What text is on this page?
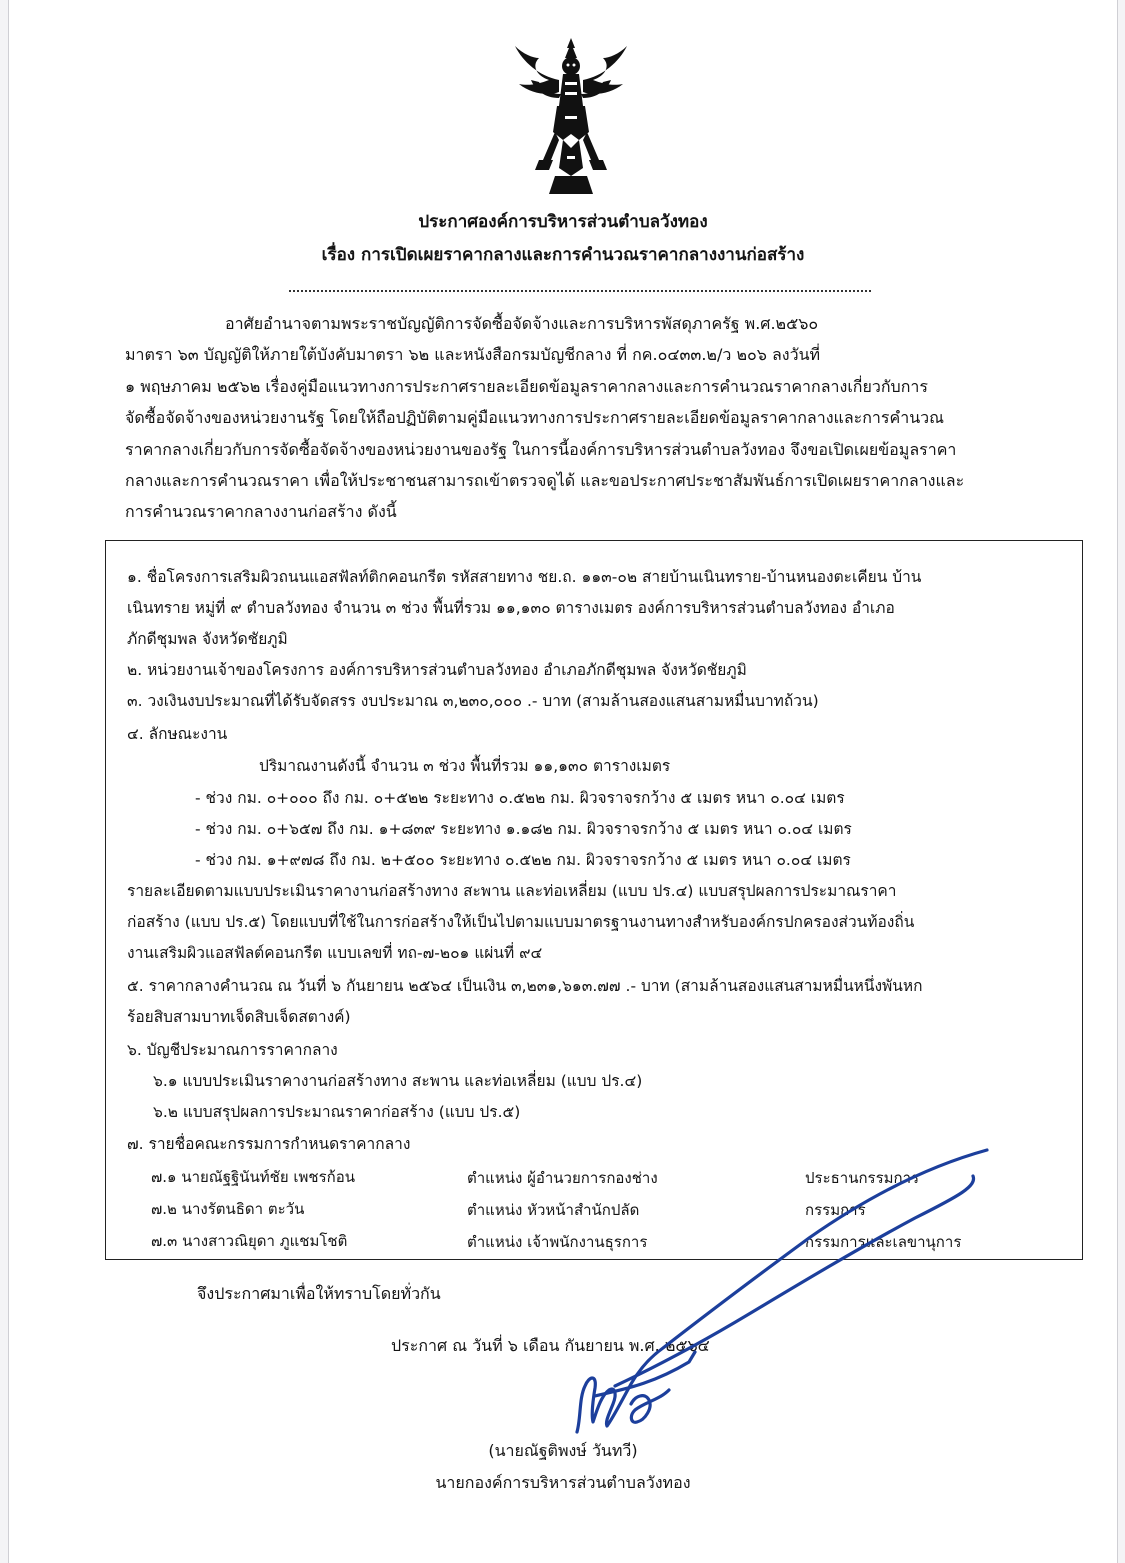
ประกาศองค์การบริหารส่วนตำบลวังทอง
เรื่อง การเปิดเผยราคากลางและการคำนวณราคากลางงานก่อสร้าง
อาศัยอำนาจตามพระราชบัญญัติการจัดซื้อจัดจ้างและการบริหารพัสดุภาครัฐ พ.ศ.๒๕๖๐
มาตรา ๖๓ บัญญัติให้ภายใต้บังคับมาตรา ๖๒ และหนังสือกรมบัญชีกลาง ที่ กค.๐๔๓๓.๒/ว ๒๐๖ ลงวันที่
๑ พฤษภาคม ๒๕๖๒ เรื่องคู่มือแนวทางการประกาศรายละเอียดข้อมูลราคากลางและการคำนวณราคากลางเกี่ยวกับการ
จัดซื้อจัดจ้างของหน่วยงานรัฐ โดยให้ถือปฏิบัติตามคู่มือแนวทางการประกาศรายละเอียดข้อมูลราคากลางและการคำนวณ
ราคากลางเกี่ยวกับการจัดซื้อจัดจ้างของหน่วยงานของรัฐ ในการนี้องค์การบริหารส่วนตำบลวังทอง จึงขอเปิดเผยข้อมูลราคา
กลางและการคำนวณราคา เพื่อให้ประชาชนสามารถเข้าตรวจดูได้ และขอประกาศประชาสัมพันธ์การเปิดเผยราคากลางและ
การคำนวณราคากลางงานก่อสร้าง ดังนี้
๑. ชื่อโครงการเสริมผิวถนนแอสฟัลท์ติกคอนกรีต รหัสสายทาง ชย.ถ. ๑๑๓-๐๒ สายบ้านเนินทราย-บ้านหนองตะเคียน บ้าน
เนินทราย หมู่ที่ ๙ ตำบลวังทอง จำนวน ๓ ช่วง พื้นที่รวม ๑๑,๑๓๐ ตารางเมตร องค์การบริหารส่วนตำบลวังทอง อำเภอ
ภักดีชุมพล จังหวัดชัยภูมิ
๒. หน่วยงานเจ้าของโครงการ องค์การบริหารส่วนตำบลวังทอง อำเภอภักดีชุมพล จังหวัดชัยภูมิ
๓. วงเงินงบประมาณที่ได้รับจัดสรร งบประมาณ ๓,๒๓๐,๐๐๐ .- บาท (สามล้านสองแสนสามหมื่นบาทถ้วน)
๔. ลักษณะงาน
ปริมาณงานดังนี้ จำนวน ๓ ช่วง พื้นที่รวม ๑๑,๑๓๐ ตารางเมตร
- ช่วง กม. ๐+๐๐๐ ถึง กม. ๐+๕๒๒ ระยะทาง ๐.๕๒๒ กม. ผิวจราจรกว้าง ๕ เมตร หนา ๐.๐๔ เมตร
- ช่วง กม. ๐+๖๕๗ ถึง กม. ๑+๘๓๙ ระยะทาง ๑.๑๘๒ กม. ผิวจราจรกว้าง ๕ เมตร หนา ๐.๐๔ เมตร
- ช่วง กม. ๑+๙๗๘ ถึง กม. ๒+๕๐๐ ระยะทาง ๐.๕๒๒ กม. ผิวจราจรกว้าง ๕ เมตร หนา ๐.๐๔ เมตร
รายละเอียดตามแบบประเมินราคางานก่อสร้างทาง สะพาน และท่อเหลี่ยม (แบบ ปร.๔) แบบสรุปผลการประมาณราคา
ก่อสร้าง (แบบ ปร.๕) โดยแบบที่ใช้ในการก่อสร้างให้เป็นไปตามแบบมาตรฐานงานทางสำหรับองค์กรปกครองส่วนท้องถิ่น
งานเสริมผิวแอสฟัลต์คอนกรีต แบบเลขที่ ทถ-๗-๒๐๑ แผ่นที่ ๙๔
๕. ราคากลางคำนวณ ณ วันที่ ๖ กันยายน ๒๕๖๔ เป็นเงิน ๓,๒๓๑,๖๑๓.๗๗ .- บาท (สามล้านสองแสนสามหมื่นหนึ่งพันหก
ร้อยสิบสามบาทเจ็ดสิบเจ็ดสตางค์)
๖. บัญชีประมาณการราคากลาง
๖.๑ แบบประเมินราคางานก่อสร้างทาง สะพาน และท่อเหลี่ยม (แบบ ปร.๔)
๖.๒ แบบสรุปผลการประมาณราคาก่อสร้าง (แบบ ปร.๕)
๗. รายชื่อคณะกรรมการกำหนดราคากลาง
๗.๑ นายณัฐฐินันท์ชัย เพชรก้อน	ตำแหน่ง ผู้อำนวยการกองช่าง	ประธานกรรมการ
๗.๒ นางรัตนธิดา ตะวัน	ตำแหน่ง หัวหน้าสำนักปลัด	กรรมการ
๗.๓ นางสาวณิยุดา ภูแชมโชติ	ตำแหน่ง เจ้าพนักงานธุรการ	กรรมการและเลขานุการ
จึงประกาศมาเพื่อให้ทราบโดยทั่วกัน
ประกาศ ณ วันที่ ๖ เดือน กันยายน พ.ศ. ๒๕๖๔
(นายณัฐติพงษ์ วันทวี)
นายกองค์การบริหารส่วนตำบลวังทอง
